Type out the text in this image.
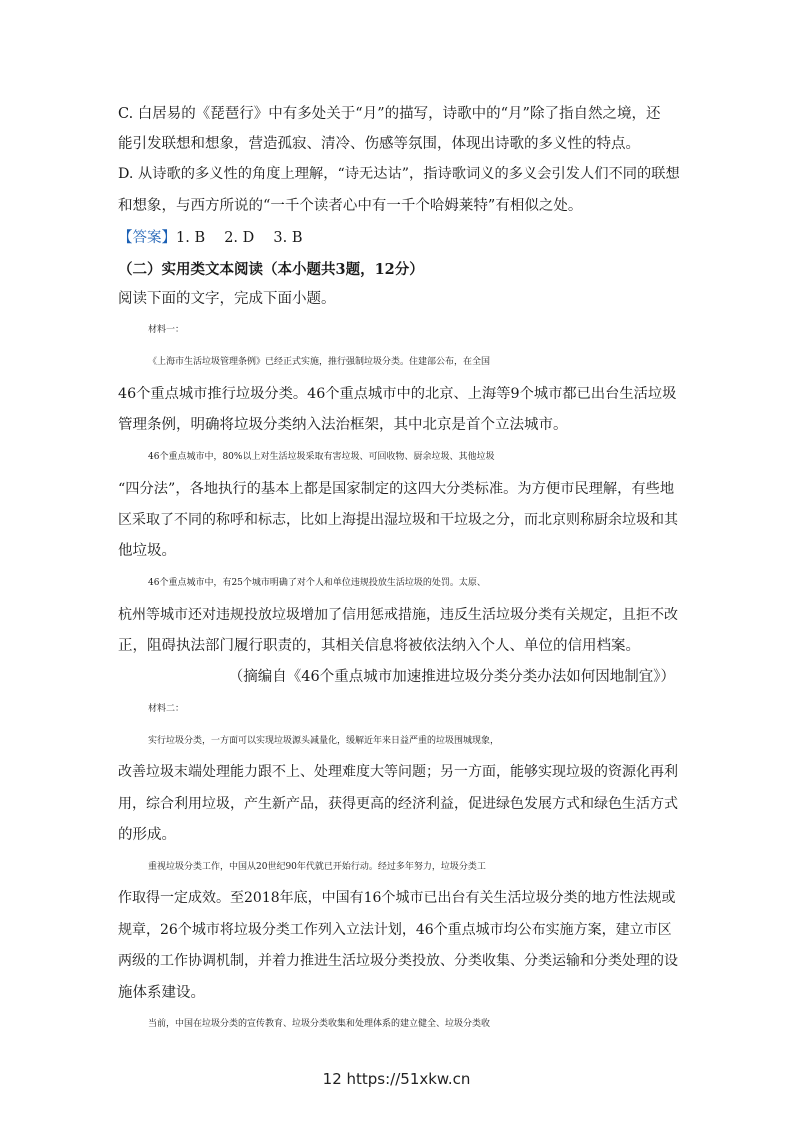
C. 白居易的《琵琶行》中有多处关于“月”的描写，诗歌中的“月”除了指自然之境，还
能引发联想和想象，营造孤寂、清冷、伤感等氛围，体现出诗歌的多义性的特点。
D. 从诗歌的多义性的角度上理解，“诗无达诂”，指诗歌词义的多义会引发人们不同的联想
和想象，与西方所说的“一千个读者心中有一千个哈姆莱特”有相似之处。
【答案】1. B　 2. D　 3. B
（二）实用类文本阅读（本小题共3题，12分）
阅读下面的文字，完成下面小题。
材料一：
《上海市生活垃圾管理条例》已经正式实施，推行强制垃圾分类。住建部公布，在全国
46个重点城市推行垃圾分类。46个重点城市中的北京、上海等9个城市都已出台生活垃圾
管理条例，明确将垃圾分类纳入法治框架，其中北京是首个立法城市。
46个重点城市中，80%以上对生活垃圾采取有害垃圾、可回收物、厨余垃圾、其他垃圾
“四分法”，各地执行的基本上都是国家制定的这四大分类标准。为方便市民理解，有些地
区采取了不同的称呼和标志，比如上海提出湿垃圾和干垃圾之分，而北京则称厨余垃圾和其
他垃圾。
46个重点城市中，有25个城市明确了对个人和单位违规投放生活垃圾的处罚。太原、
杭州等城市还对违规投放垃圾增加了信用惩戒措施，违反生活垃圾分类有关规定，且拒不改
正，阻碍执法部门履行职责的，其相关信息将被依法纳入个人、单位的信用档案。
（摘编自《46个重点城市加速推进垃圾分类分类办法如何因地制宜》）
材料二：
实行垃圾分类，一方面可以实现垃圾源头减量化，缓解近年来日益严重的垃圾围城现象，
改善垃圾末端处理能力跟不上、处理难度大等问题；另一方面，能够实现垃圾的资源化再利
用，综合利用垃圾，产生新产品，获得更高的经济利益，促进绿色发展方式和绿色生活方式
的形成。
重视垃圾分类工作，中国从20世纪90年代就已开始行动。经过多年努力，垃圾分类工
作取得一定成效。至2018年底，中国有16个城市已出台有关生活垃圾分类的地方性法规或
规章，26个城市将垃圾分类工作列入立法计划，46个重点城市均公布实施方案，建立市区
两级的工作协调机制，并着力推进生活垃圾分类投放、分类收集、分类运输和分类处理的设
施体系建设。
当前，中国在垃圾分类的宣传教育、垃圾分类收集和处理体系的建立健全、垃圾分类收
12 https://51xkw.cn
